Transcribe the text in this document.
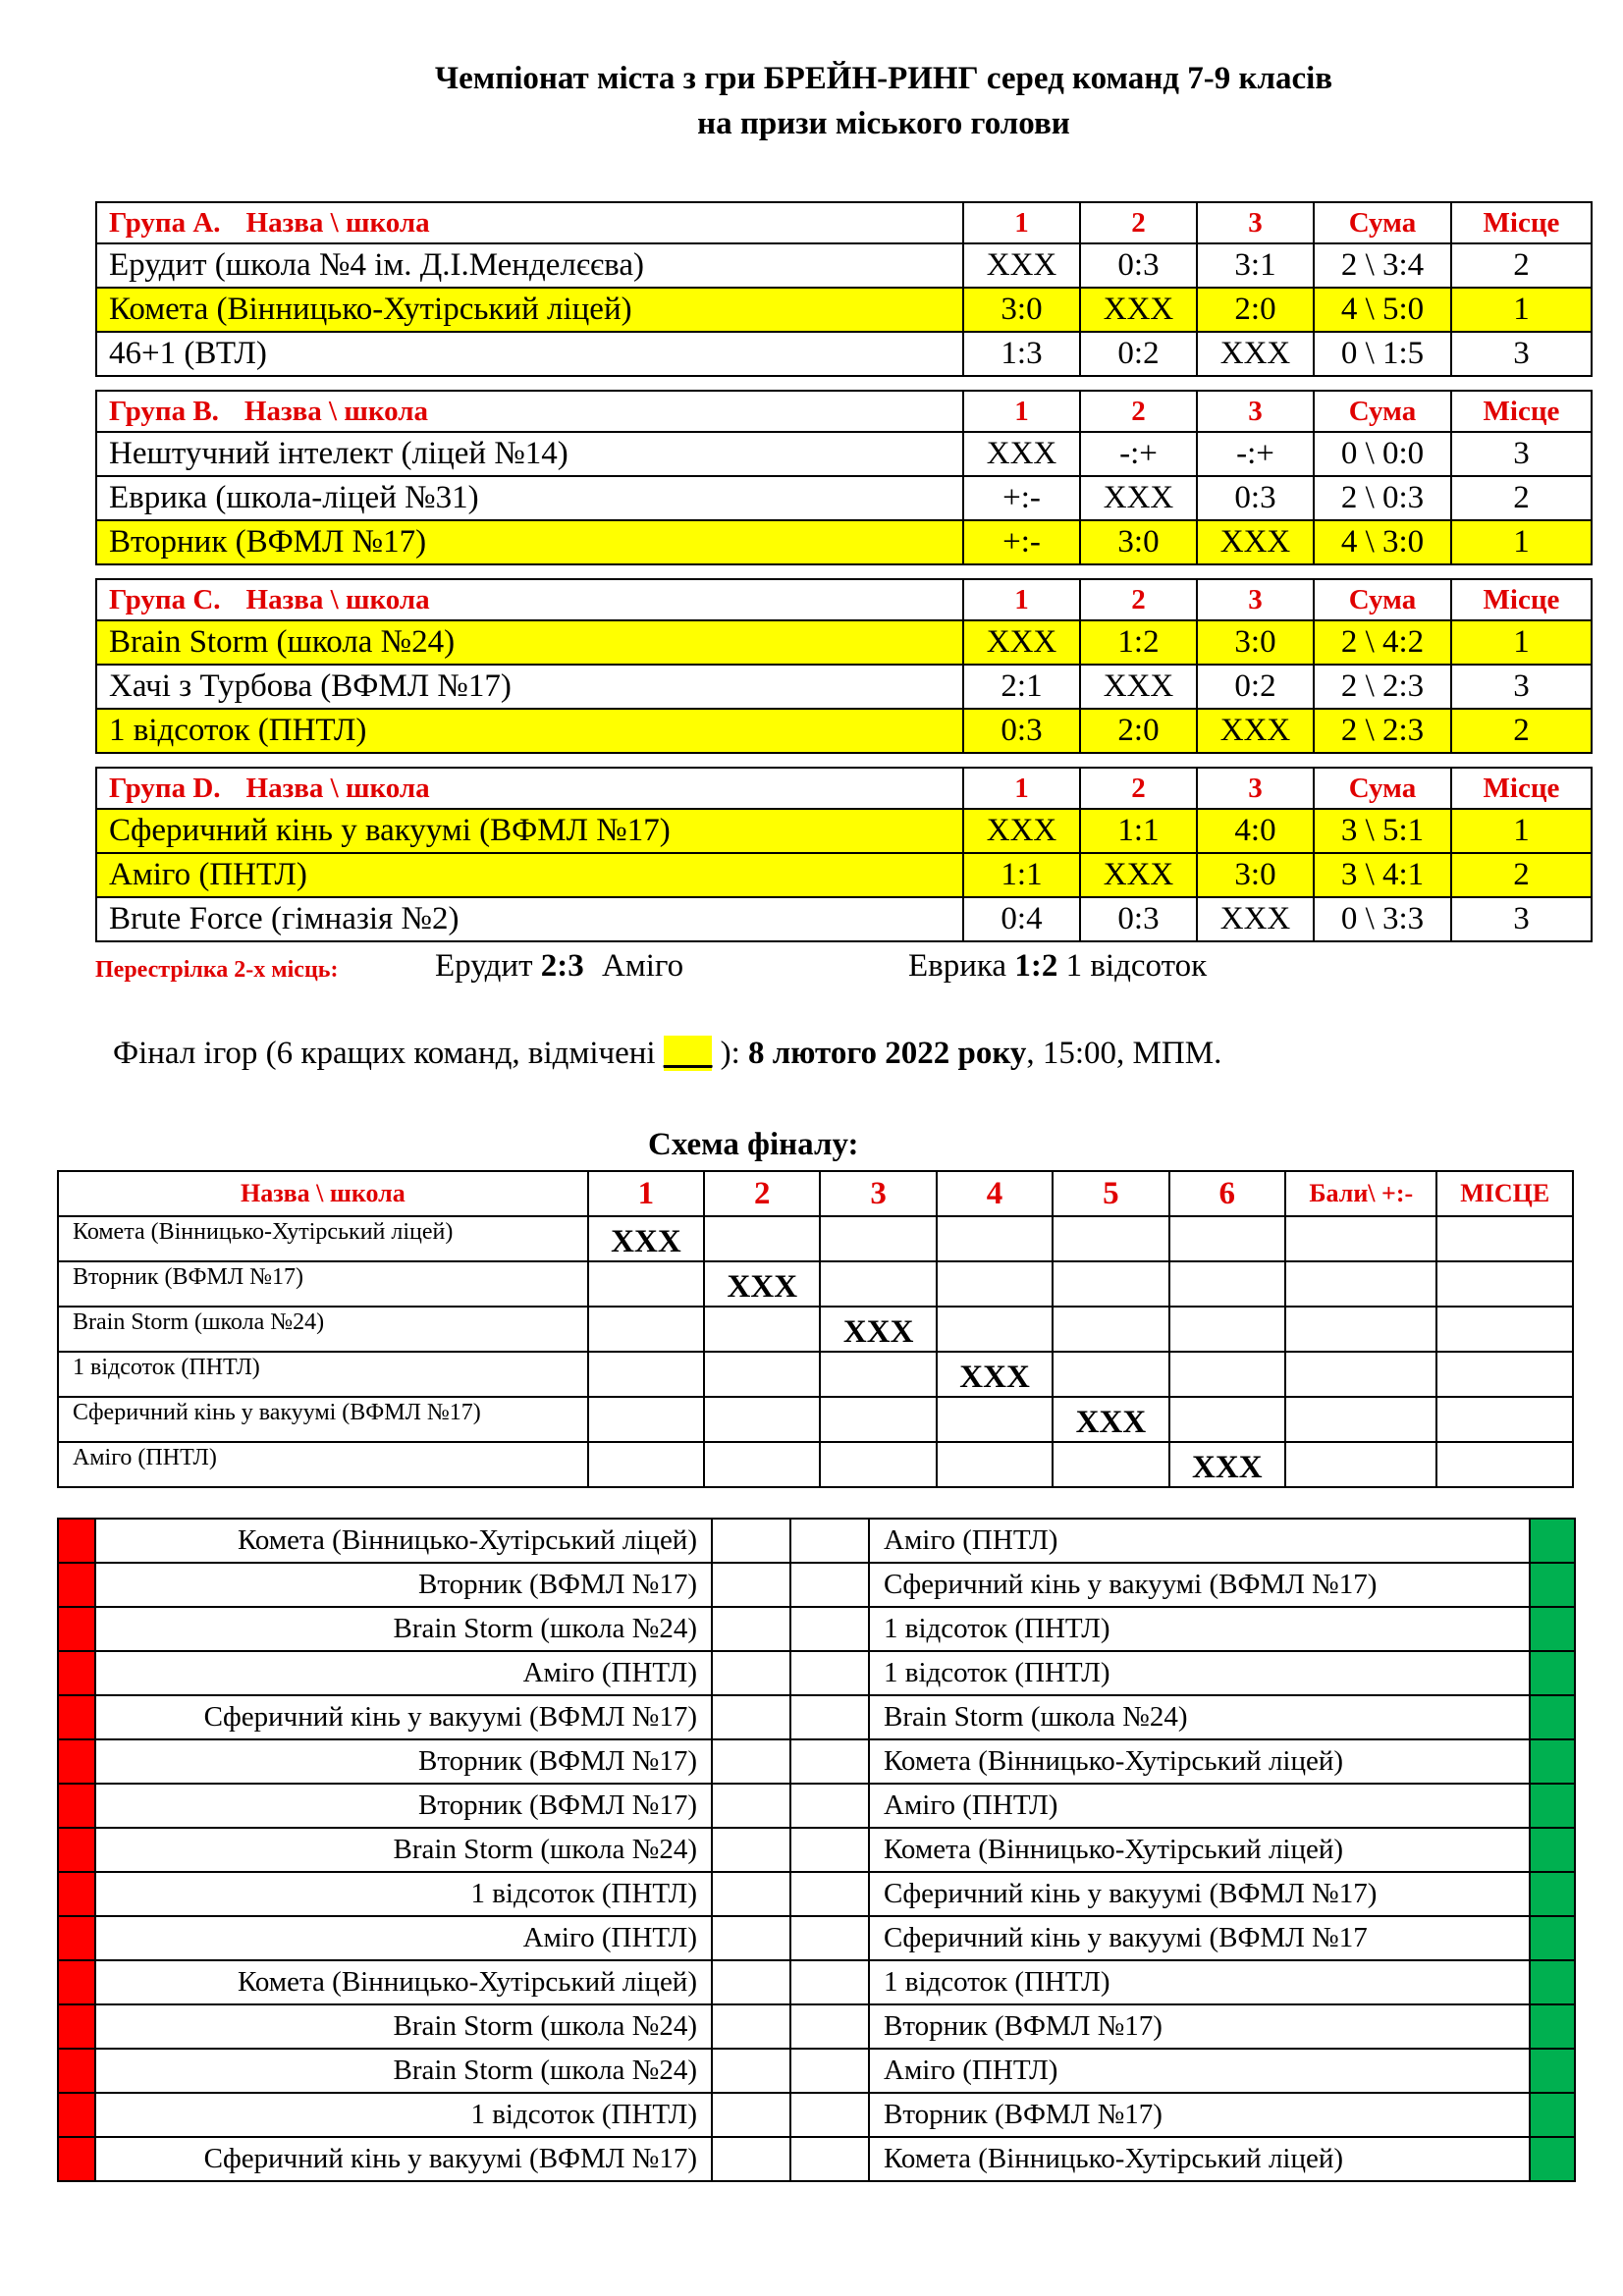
Чемпіонат міста з гри БРЕЙН-РИНГ серед команд 7-9 класів
на призи міського голови
Група A. Назва \ школа	1	2	3	Сума	Місце
Ерудит (школа №4 ім. Д.І.Менделєєва)	XXX	0:3	3:1	2 \ 3:4	2
Комета (Вінницько-Хутірський ліцей)	3:0	XXX	2:0	4 \ 5:0	1
46+1 (ВТЛ)	1:3	0:2	XXX	0 \ 1:5	3
Група B. Назва \ школа	1	2	3	Сума	Місце
Нештучний інтелект (ліцей №14)	XXX	-:+	-:+	0 \ 0:0	3
Еврика (школа-ліцей №31)	+:-	XXX	0:3	2 \ 0:3	2
Вторник (ВФМЛ №17)	+:-	3:0	XXX	4 \ 3:0	1
Група C. Назва \ школа	1	2	3	Сума	Місце
Brain Storm (школа №24)	XXX	1:2	3:0	2 \ 4:2	1
Хачі з Турбова (ВФМЛ №17)	2:1	XXX	0:2	2 \ 2:3	3
1 відсоток (ПНТЛ)	0:3	2:0	XXX	2 \ 2:3	2
Група D. Назва \ школа	1	2	3	Сума	Місце
Сферичний кінь у вакуумі (ВФМЛ №17)	XXX	1:1	4:0	3 \ 5:1	1
Аміго (ПНТЛ)	1:1	XXX	3:0	3 \ 4:1	2
Brute Force (гімназія №2)	0:4	0:3	XXX	0 \ 3:3	3
Перестрілка 2-х місць:	Ерудит 2:3 Аміго	Еврика 1:2 1 відсоток
Фінал ігор (6 кращих команд, відмічені ___ ): 8 лютого 2022 року, 15:00, МПМ.
Схема фіналу:
Назва \ школа	1	2	3	4	5	6	Бали\ +:-	МІСЦЕ
Комета (Вінницько-Хутірський ліцей)	XXX							
Вторник (ВФМЛ №17)		XXX						
Brain Storm (школа №24)			XXX					
1 відсоток (ПНТЛ)				XXX				
Сферичний кінь у вакуумі (ВФМЛ №17)					XXX			
Аміго (ПНТЛ)						XXX		
	Комета (Вінницько-Хутірський ліцей)			Аміго (ПНТЛ)	
	Вторник (ВФМЛ №17)			Сферичний кінь у вакуумі (ВФМЛ №17)	
	Brain Storm (школа №24)			1 відсоток (ПНТЛ)	
	Аміго (ПНТЛ)			1 відсоток (ПНТЛ)	
	Сферичний кінь у вакуумі (ВФМЛ №17)			Brain Storm (школа №24)	
	Вторник (ВФМЛ №17)			Комета (Вінницько-Хутірський ліцей)	
	Вторник (ВФМЛ №17)			Аміго (ПНТЛ)	
	Brain Storm (школа №24)			Комета (Вінницько-Хутірський ліцей)	
	1 відсоток (ПНТЛ)			Сферичний кінь у вакуумі (ВФМЛ №17)	
	Аміго (ПНТЛ)			Сферичний кінь у вакуумі (ВФМЛ №17	
	Комета (Вінницько-Хутірський ліцей)			1 відсоток (ПНТЛ)	
	Brain Storm (школа №24)			Вторник (ВФМЛ №17)	
	Brain Storm (школа №24)			Аміго (ПНТЛ)	
	1 відсоток (ПНТЛ)			Вторник (ВФМЛ №17)	
	Сферичний кінь у вакуумі (ВФМЛ №17)			Комета (Вінницько-Хутірський ліцей)	
